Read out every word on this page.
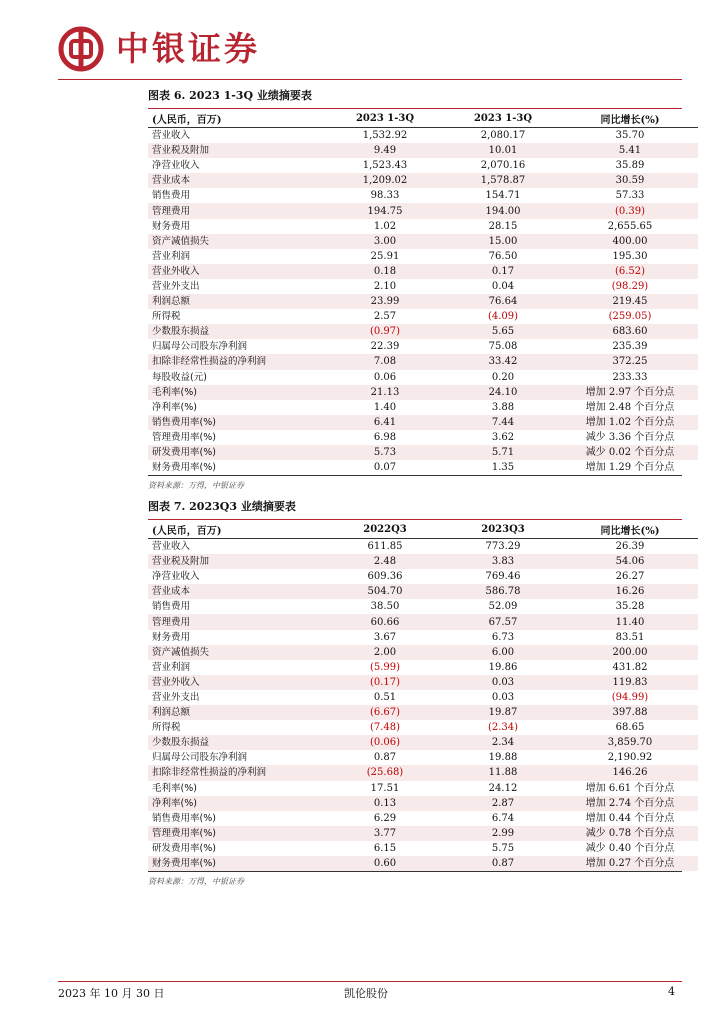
中银证券
图表 6. 2023 1-3Q 业绩摘要表
(人民币，百万)	2023 1-3Q	2023 1-3Q	同比增长(%)
营业收入	1,532.92	2,080.17	35.70
营业税及附加	9.49	10.01	5.41
净营业收入	1,523.43	2,070.16	35.89
营业成本	1,209.02	1,578.87	30.59
销售费用	98.33	154.71	57.33
管理费用	194.75	194.00	(0.39)
财务费用	1.02	28.15	2,655.65
资产减值损失	3.00	15.00	400.00
营业利润	25.91	76.50	195.30
营业外收入	0.18	0.17	(6.52)
营业外支出	2.10	0.04	(98.29)
利润总额	23.99	76.64	219.45
所得税	2.57	(4.09)	(259.05)
少数股东损益	(0.97)	5.65	683.60
归属母公司股东净利润	22.39	75.08	235.39
扣除非经常性损益的净利润	7.08	33.42	372.25
每股收益(元)	0.06	0.20	233.33
毛利率(%)	21.13	24.10	增加 2.97 个百分点
净利率(%)	1.40	3.88	增加 2.48 个百分点
销售费用率(%)	6.41	7.44	增加 1.02 个百分点
管理费用率(%)	6.98	3.62	减少 3.36 个百分点
研发费用率(%)	5.73	5.71	减少 0.02 个百分点
财务费用率(%)	0.07	1.35	增加 1.29 个百分点
资料来源：万得，中银证券
图表 7. 2023Q3 业绩摘要表
(人民币，百万)	2022Q3	2023Q3	同比增长(%)
营业收入	611.85	773.29	26.39
营业税及附加	2.48	3.83	54.06
净营业收入	609.36	769.46	26.27
营业成本	504.70	586.78	16.26
销售费用	38.50	52.09	35.28
管理费用	60.66	67.57	11.40
财务费用	3.67	6.73	83.51
资产减值损失	2.00	6.00	200.00
营业利润	(5.99)	19.86	431.82
营业外收入	(0.17)	0.03	119.83
营业外支出	0.51	0.03	(94.99)
利润总额	(6.67)	19.87	397.88
所得税	(7.48)	(2.34)	68.65
少数股东损益	(0.06)	2.34	3,859.70
归属母公司股东净利润	0.87	19.88	2,190.92
扣除非经常性损益的净利润	(25.68)	11.88	146.26
毛利率(%)	17.51	24.12	增加 6.61 个百分点
净利率(%)	0.13	2.87	增加 2.74 个百分点
销售费用率(%)	6.29	6.74	增加 0.44 个百分点
管理费用率(%)	3.77	2.99	减少 0.78 个百分点
研发费用率(%)	6.15	5.75	减少 0.40 个百分点
财务费用率(%)	0.60	0.87	增加 0.27 个百分点
资料来源：万得，中银证券
2023 年 10 月 30 日	凯伦股份	4
